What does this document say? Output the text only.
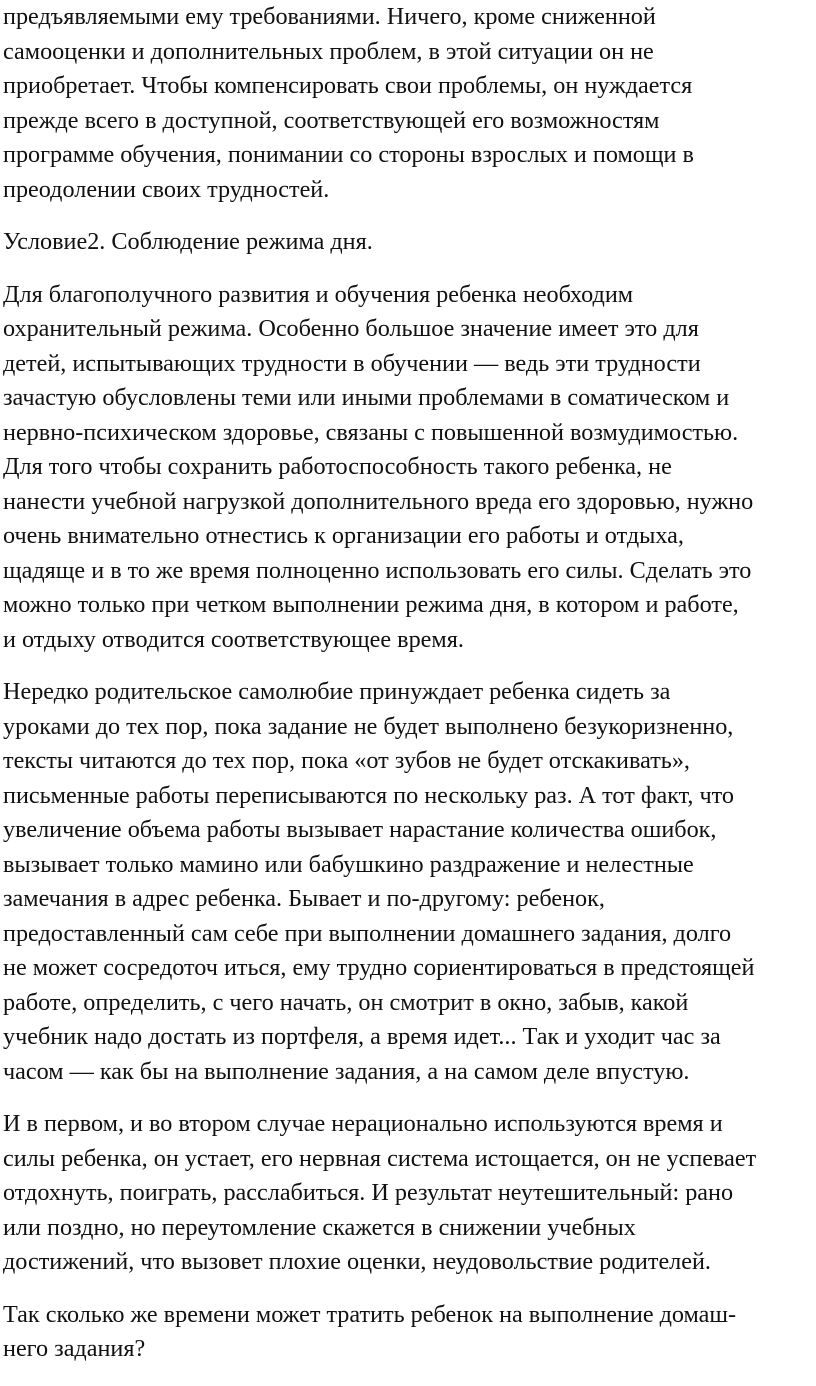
предъявляемыми ему требованиями. Ничего, кроме сниженной
самооценки и дополнительных проблем, в этой ситуации он не
приобретает. Чтобы компенсировать свои проблемы, он нуждается
прежде всего в доступной, соответствующей его возможностям
программе обучения, понимании со стороны взрослых и помощи в
преодолении своих трудностей.
Условие2. Соблюдение режима дня.
Для благополучного развития и обучения ребенка необходим
охранительный режима. Особенно большое значение имеет это для
детей, испытывающих трудности в обучении — ведь эти трудности
зачастую обусловлены теми или иными проблемами в соматическом и
нервно-психическом здоровье, связаны с повышенной возмудимостью.
Для того чтобы сохранить работоспособность такого ребенка, не
нанести учебной нагрузкой дополнительного вреда его здоровью, нужно
очень внимательно отнестись к организации его работы и отдыха,
щадяще и в то же время полноценно использовать его силы. Сделать это
можно только при четком выполнении режима дня, в котором и работе,
и отдыху отводится соответствующее время.
Нередко родительское самолюбие принуждает ребенка сидеть за
уроками до тех пор, пока задание не будет выполнено безукоризненно,
тексты читаются до тех пор, пока «от зубов не будет отскакивать»,
письменные работы переписываются по нескольку раз. А тот факт, что
увеличение объема работы вызывает нарастание количества ошибок,
вызывает только мамино или бабушкино раздражение и нелестные
замечания в адрес ребенка. Бывает и по-другому: ребенок,
предоставленный сам себе при выполнении домашнего задания, долго
не может сосредоточ иться, ему трудно сориентироваться в предстоящей
работе, определить, с чего начать, он смотрит в окно, забыв, какой
учебник надо достать из портфеля, а время идет... Так и уходит час за
часом — как бы на выполнение задания, а на самом деле впустую.
И в первом, и во втором случае нерационально используются время и
силы ребенка, он устает, его нервная система истощается, он не успевает
отдохнуть, поиграть, расслабиться. И результат неутешительный: рано
или поздно, но переутомление скажется в снижении учебных
достижений, что вызовет плохие оценки, неудовольствие родителей.
Так сколько же времени может тратить ребенок на выполнение домаш-
него задания?
